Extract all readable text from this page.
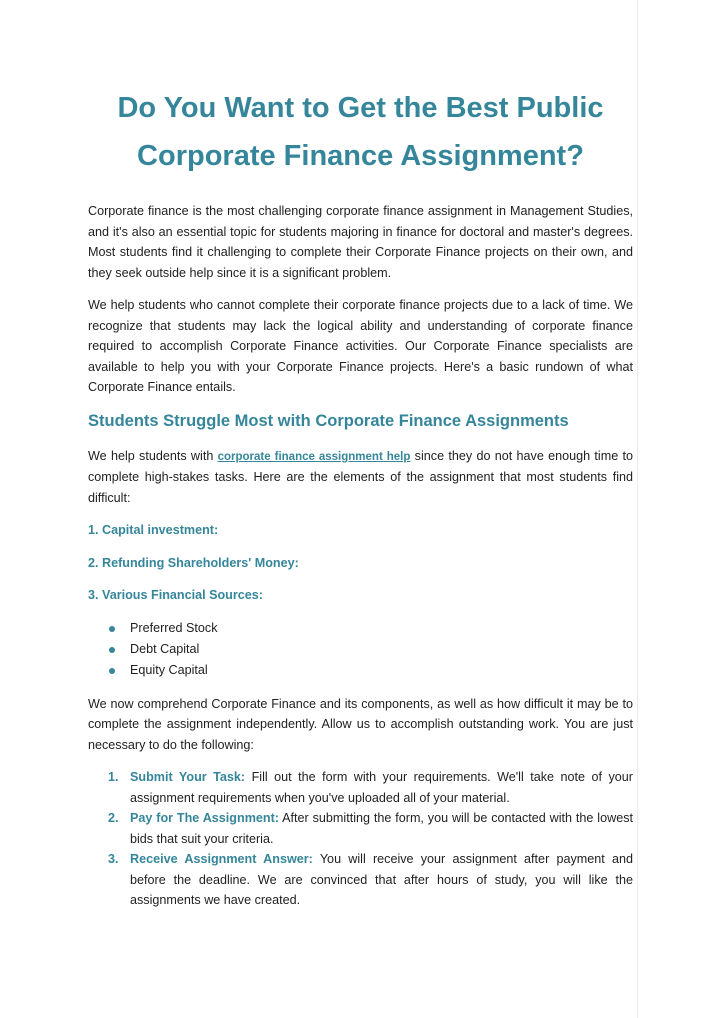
Do You Want to Get the Best Public Corporate Finance Assignment?

Corporate finance is the most challenging corporate finance assignment in Management Studies, and it's also an essential topic for students majoring in finance for doctoral and master's degrees. Most students find it challenging to complete their Corporate Finance projects on their own, and they seek outside help since it is a significant problem.

We help students who cannot complete their corporate finance projects due to a lack of time. We recognize that students may lack the logical ability and understanding of corporate finance required to accomplish Corporate Finance activities. Our Corporate Finance specialists are available to help you with your Corporate Finance projects. Here's a basic rundown of what Corporate Finance entails.

Students Struggle Most with Corporate Finance Assignments

We help students with corporate finance assignment help since they do not have enough time to complete high-stakes tasks. Here are the elements of the assignment that most students find difficult:

1. Capital investment:
2. Refunding Shareholders' Money:
3. Various Financial Sources:
Preferred Stock
Debt Capital
Equity Capital

We now comprehend Corporate Finance and its components, as well as how difficult it may be to complete the assignment independently. Allow us to accomplish outstanding work. You are just necessary to do the following:

1. Submit Your Task: Fill out the form with your requirements. We'll take note of your assignment requirements when you've uploaded all of your material.
2. Pay for The Assignment: After submitting the form, you will be contacted with the lowest bids that suit your criteria.
3. Receive Assignment Answer: You will receive your assignment after payment and before the deadline. We are convinced that after hours of study, you will like the assignments we have created.
